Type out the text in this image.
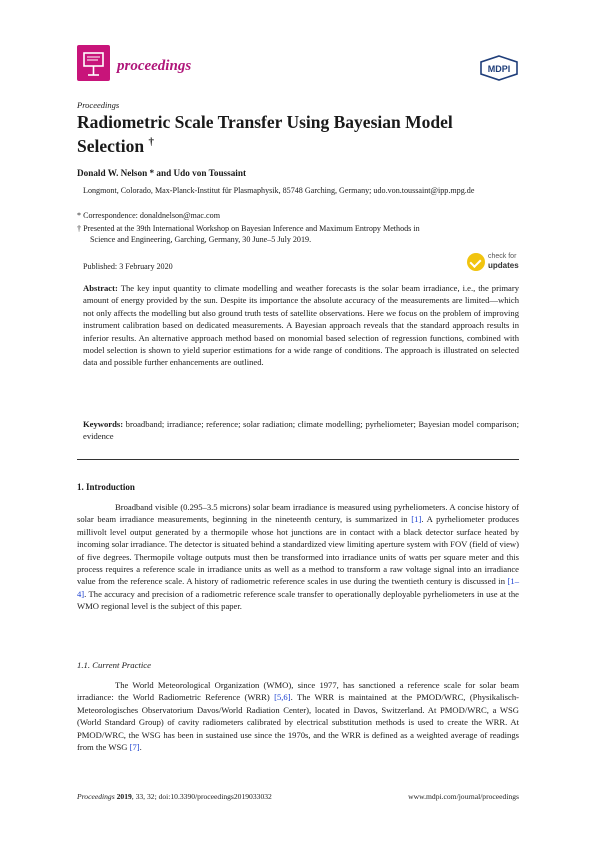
proceedings	MDPI
Proceedings
Radiometric Scale Transfer Using Bayesian Model Selection †
Donald W. Nelson * and Udo von Toussaint
Longmont, Colorado, Max-Planck-Institut für Plasmaphysik, 85748 Garching, Germany; udo.von.toussaint@ipp.mpg.de
* Correspondence: donaldnelson@mac.com
† Presented at the 39th International Workshop on Bayesian Inference and Maximum Entropy Methods in
Science and Engineering, Garching, Germany, 30 June–5 July 2019.
Published: 3 February 2020
check for
updates
Abstract: The key input quantity to climate modelling and weather forecasts is the solar beam irradiance, i.e., the primary amount of energy provided by the sun. Despite its importance the absolute accuracy of the measurements are limited—which not only affects the modelling but also ground truth tests of satellite observations. Here we focus on the problem of improving instrument calibration based on dedicated measurements. A Bayesian approach reveals that the standard approach results in inferior results. An alternative approach method based on monomial based selection of regression functions, combined with model selection is shown to yield superior estimations for a wide range of conditions. The approach is illustrated on selected data and possible further enhancements are outlined.
Keywords: broadband; irradiance; reference; solar radiation; climate modelling; pyrheliometer; Bayesian model comparison; evidence
1. Introduction
Broadband visible (0.295–3.5 microns) solar beam irradiance is measured using pyrheliometers. A concise history of solar beam irradiance measurements, beginning in the nineteenth century, is summarized in [1]. A pyrheliometer produces millivolt level output generated by a thermopile whose hot junctions are in contact with a black detector surface heated by incoming solar irradiance. The detector is situated behind a standardized view limiting aperture system with FOV (field of view) of five degrees. Thermopile voltage outputs must then be transformed into irradiance units of watts per square meter and this process requires a reference scale in irradiance units as well as a method to transform a raw voltage signal into an irradiance value from the reference scale. A history of radiometric reference scales in use during the twentieth century is discussed in [1–4]. The accuracy and precision of a radiometric reference scale transfer to operationally deployable pyrheliometers in use at the WMO regional level is the subject of this paper.
1.1. Current Practice
The World Meteorological Organization (WMO), since 1977, has sanctioned a reference scale for solar beam irradiance: the World Radiometric Reference (WRR) [5,6]. The WRR is maintained at the PMOD/WRC, (Physikalisch-Meteorologisches Observatorium Davos/World Radiation Center), located in Davos, Switzerland. At PMOD/WRC, a WSG (World Standard Group) of cavity radiometers calibrated by electrical substitution methods is used to create the WRR. At PMOD/WRC, the WSG has been in sustained use since the 1970s, and the WRR is defined as a weighted average of readings from the WSG [7].
Proceedings 2019, 33, 32; doi:10.3390/proceedings2019033032	www.mdpi.com/journal/proceedings
